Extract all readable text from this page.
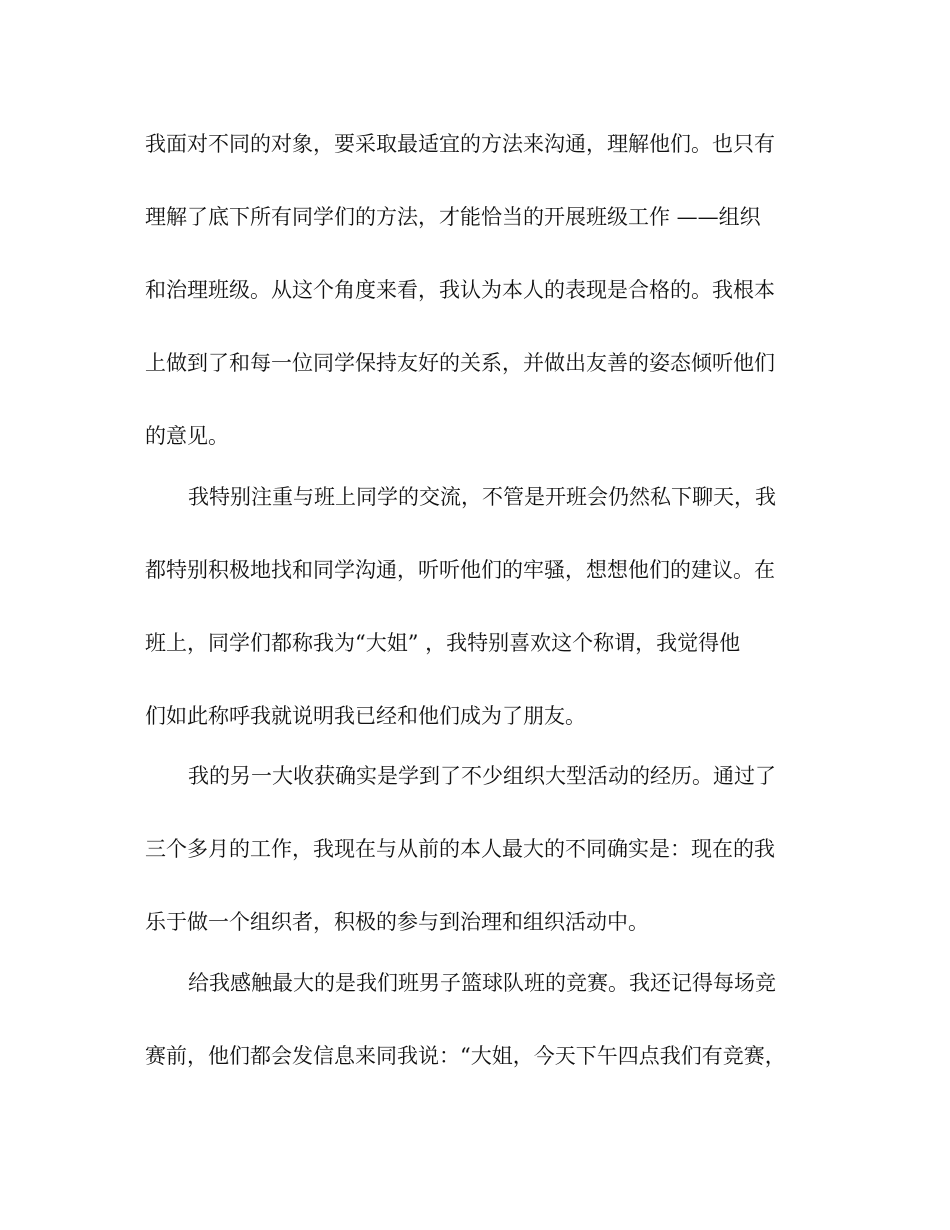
我面对不同的对象，要采取最适宜的方法来沟通，理解他们。也只有
理解了底下所有同学们的方法，才能恰当的开展班级工作 ——组织
和治理班级。从这个角度来看，我认为本人的表现是合格的。我根本
上做到了和每一位同学保持友好的关系，并做出友善的姿态倾听他们
的意见。
我特别注重与班上同学的交流，不管是开班会仍然私下聊天，我
都特别积极地找和同学沟通，听听他们的牢骚，想想他们的建议。在
班上，同学们都称我为“大姐” ，我特别喜欢这个称谓，我觉得他
们如此称呼我就说明我已经和他们成为了朋友。
我的另一大收获确实是学到了不少组织大型活动的经历。通过了
三个多月的工作，我现在与从前的本人最大的不同确实是：现在的我
乐于做一个组织者，积极的参与到治理和组织活动中。
给我感触最大的是我们班男子篮球队班的竞赛。我还记得每场竞
赛前，他们都会发信息来同我说：“大姐，今天下午四点我们有竞赛，
